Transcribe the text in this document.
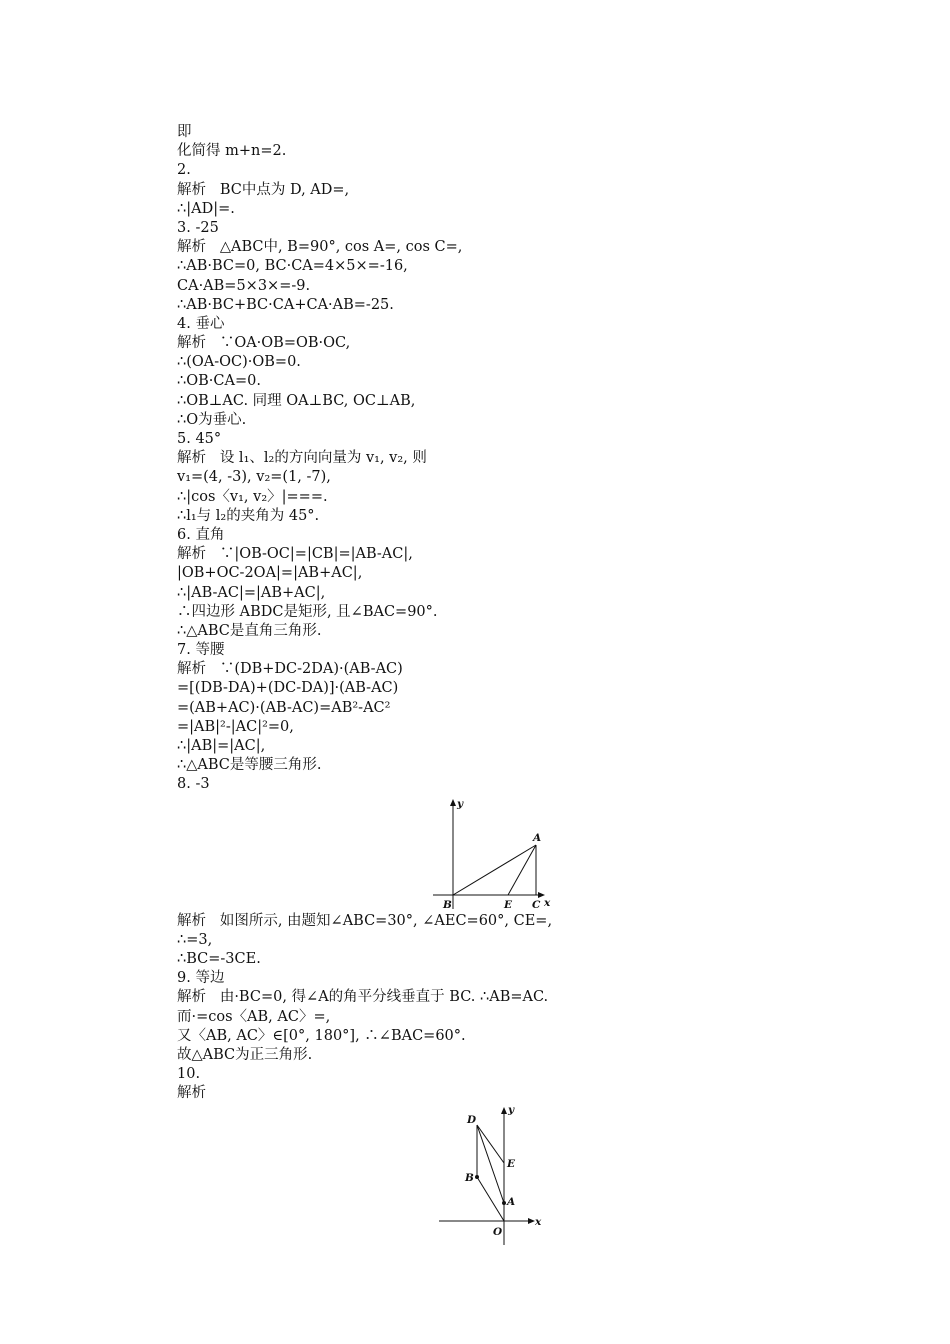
即
化简得 m+n=2.
2.
解析   BC中点为 D, AD=,
∴|AD|=.
3. -25
解析   △ABC中, B=90°, cos A=, cos C=,
∴AB·BC=0, BC·CA=4×5×=-16,
CA·AB=5×3×=-9.
∴AB·BC+BC·CA+CA·AB=-25.
4. 垂心
解析   ∵OA·OB=OB·OC,
∴(OA-OC)·OB=0.
∴OB·CA=0.
∴OB⊥AC. 同理 OA⊥BC, OC⊥AB,
∴O为垂心.
5. 45°
解析   设 l₁、l₂的方向向量为 v₁, v₂, 则
v₁=(4, -3), v₂=(1, -7),
∴|cos〈v₁, v₂〉|===.
∴l₁与 l₂的夹角为 45°.
6. 直角
解析   ∵|OB-OC|=|CB|=|AB-AC|,
|OB+OC-2OA|=|AB+AC|,
∴|AB-AC|=|AB+AC|,
∴四边形 ABDC是矩形, 且∠BAC=90°.
∴△ABC是直角三角形.
7. 等腰
解析   ∵(DB+DC-2DA)·(AB-AC)
=[(DB-DA)+(DC-DA)]·(AB-AC)
=(AB+AC)·(AB-AC)=AB²-AC²
=|AB|²-|AC|²=0,
∴|AB|=|AC|,
∴△ABC是等腰三角形.
8. -3
y
A
B	E C x
解析   如图所示, 由题知∠ABC=30°, ∠AEC=60°, CE=,
∴=3,
∴BC=-3CE.
9. 等边
解析   由·BC=0, 得∠A的角平分线垂直于 BC. ∴AB=AC.
而·=cos〈AB, AC〉=,
又〈AB, AC〉∈[0°, 180°], ∴∠BAC=60°.
故△ABC为正三角形.
10.
解析
y
D
E
B
A
O
x
